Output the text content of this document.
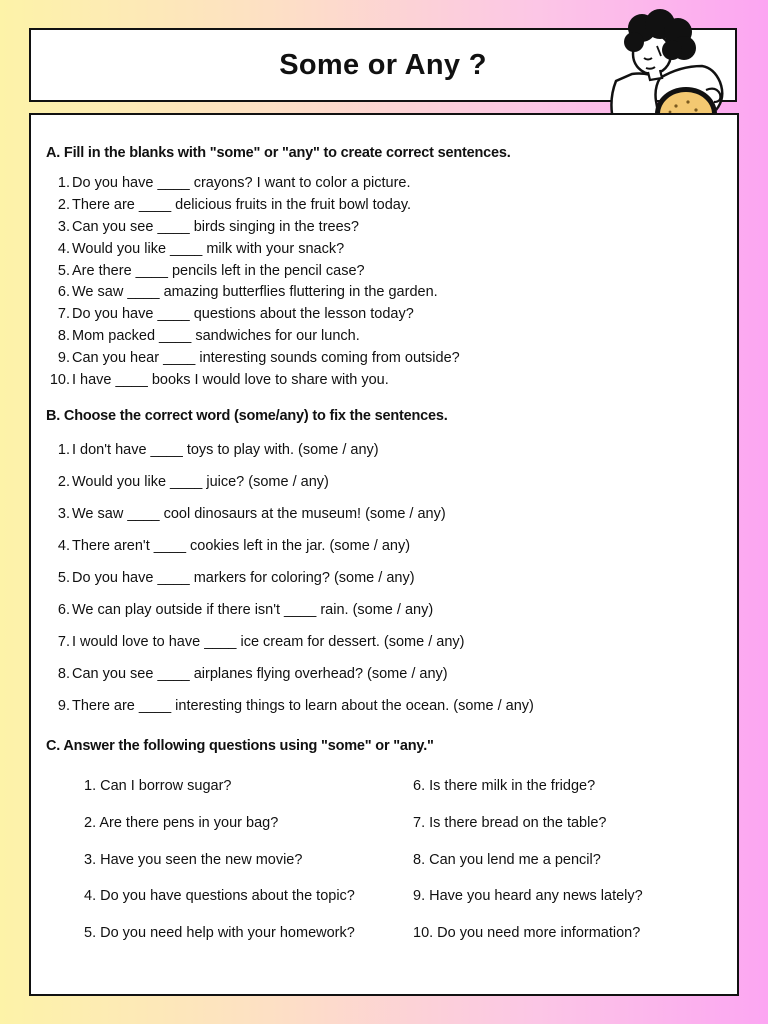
Some or Any ?

A. Fill in the blanks with "some" or "any" to create correct sentences.

1. Do you have ____ crayons? I want to color a picture.
2. There are ____ delicious fruits in the fruit bowl today.
3. Can you see ____ birds singing in the trees?
4. Would you like ____ milk with your snack?
5. Are there ____ pencils left in the pencil case?
6. We saw ____ amazing butterflies fluttering in the garden.
7. Do you have ____ questions about the lesson today?
8. Mom packed ____ sandwiches for our lunch.
9. Can you hear ____ interesting sounds coming from outside?
10. I have ____ books I would love to share with you.

B. Choose the correct word (some/any) to fix the sentences.

1. I don't have ____ toys to play with. (some / any)
2. Would you like ____ juice? (some / any)
3. We saw ____ cool dinosaurs at the museum! (some / any)
4. There aren't ____ cookies left in the jar. (some / any)
5. Do you have ____ markers for coloring? (some / any)
6. We can play outside if there isn't ____ rain. (some / any)
7. I would love to have ____ ice cream for dessert. (some / any)
8. Can you see ____ airplanes flying overhead? (some / any)
9. There are ____ interesting things to learn about the ocean. (some / any)

C. Answer the following questions using "some" or "any."

1. Can I borrow sugar?
2. Are there pens in your bag?
3. Have you seen the new movie?
4. Do you have questions about the topic?
5. Do you need help with your homework?
6. Is there milk in the fridge?
7. Is there bread on the table?
8. Can you lend me a pencil?
9. Have you heard any news lately?
10. Do you need more information?
